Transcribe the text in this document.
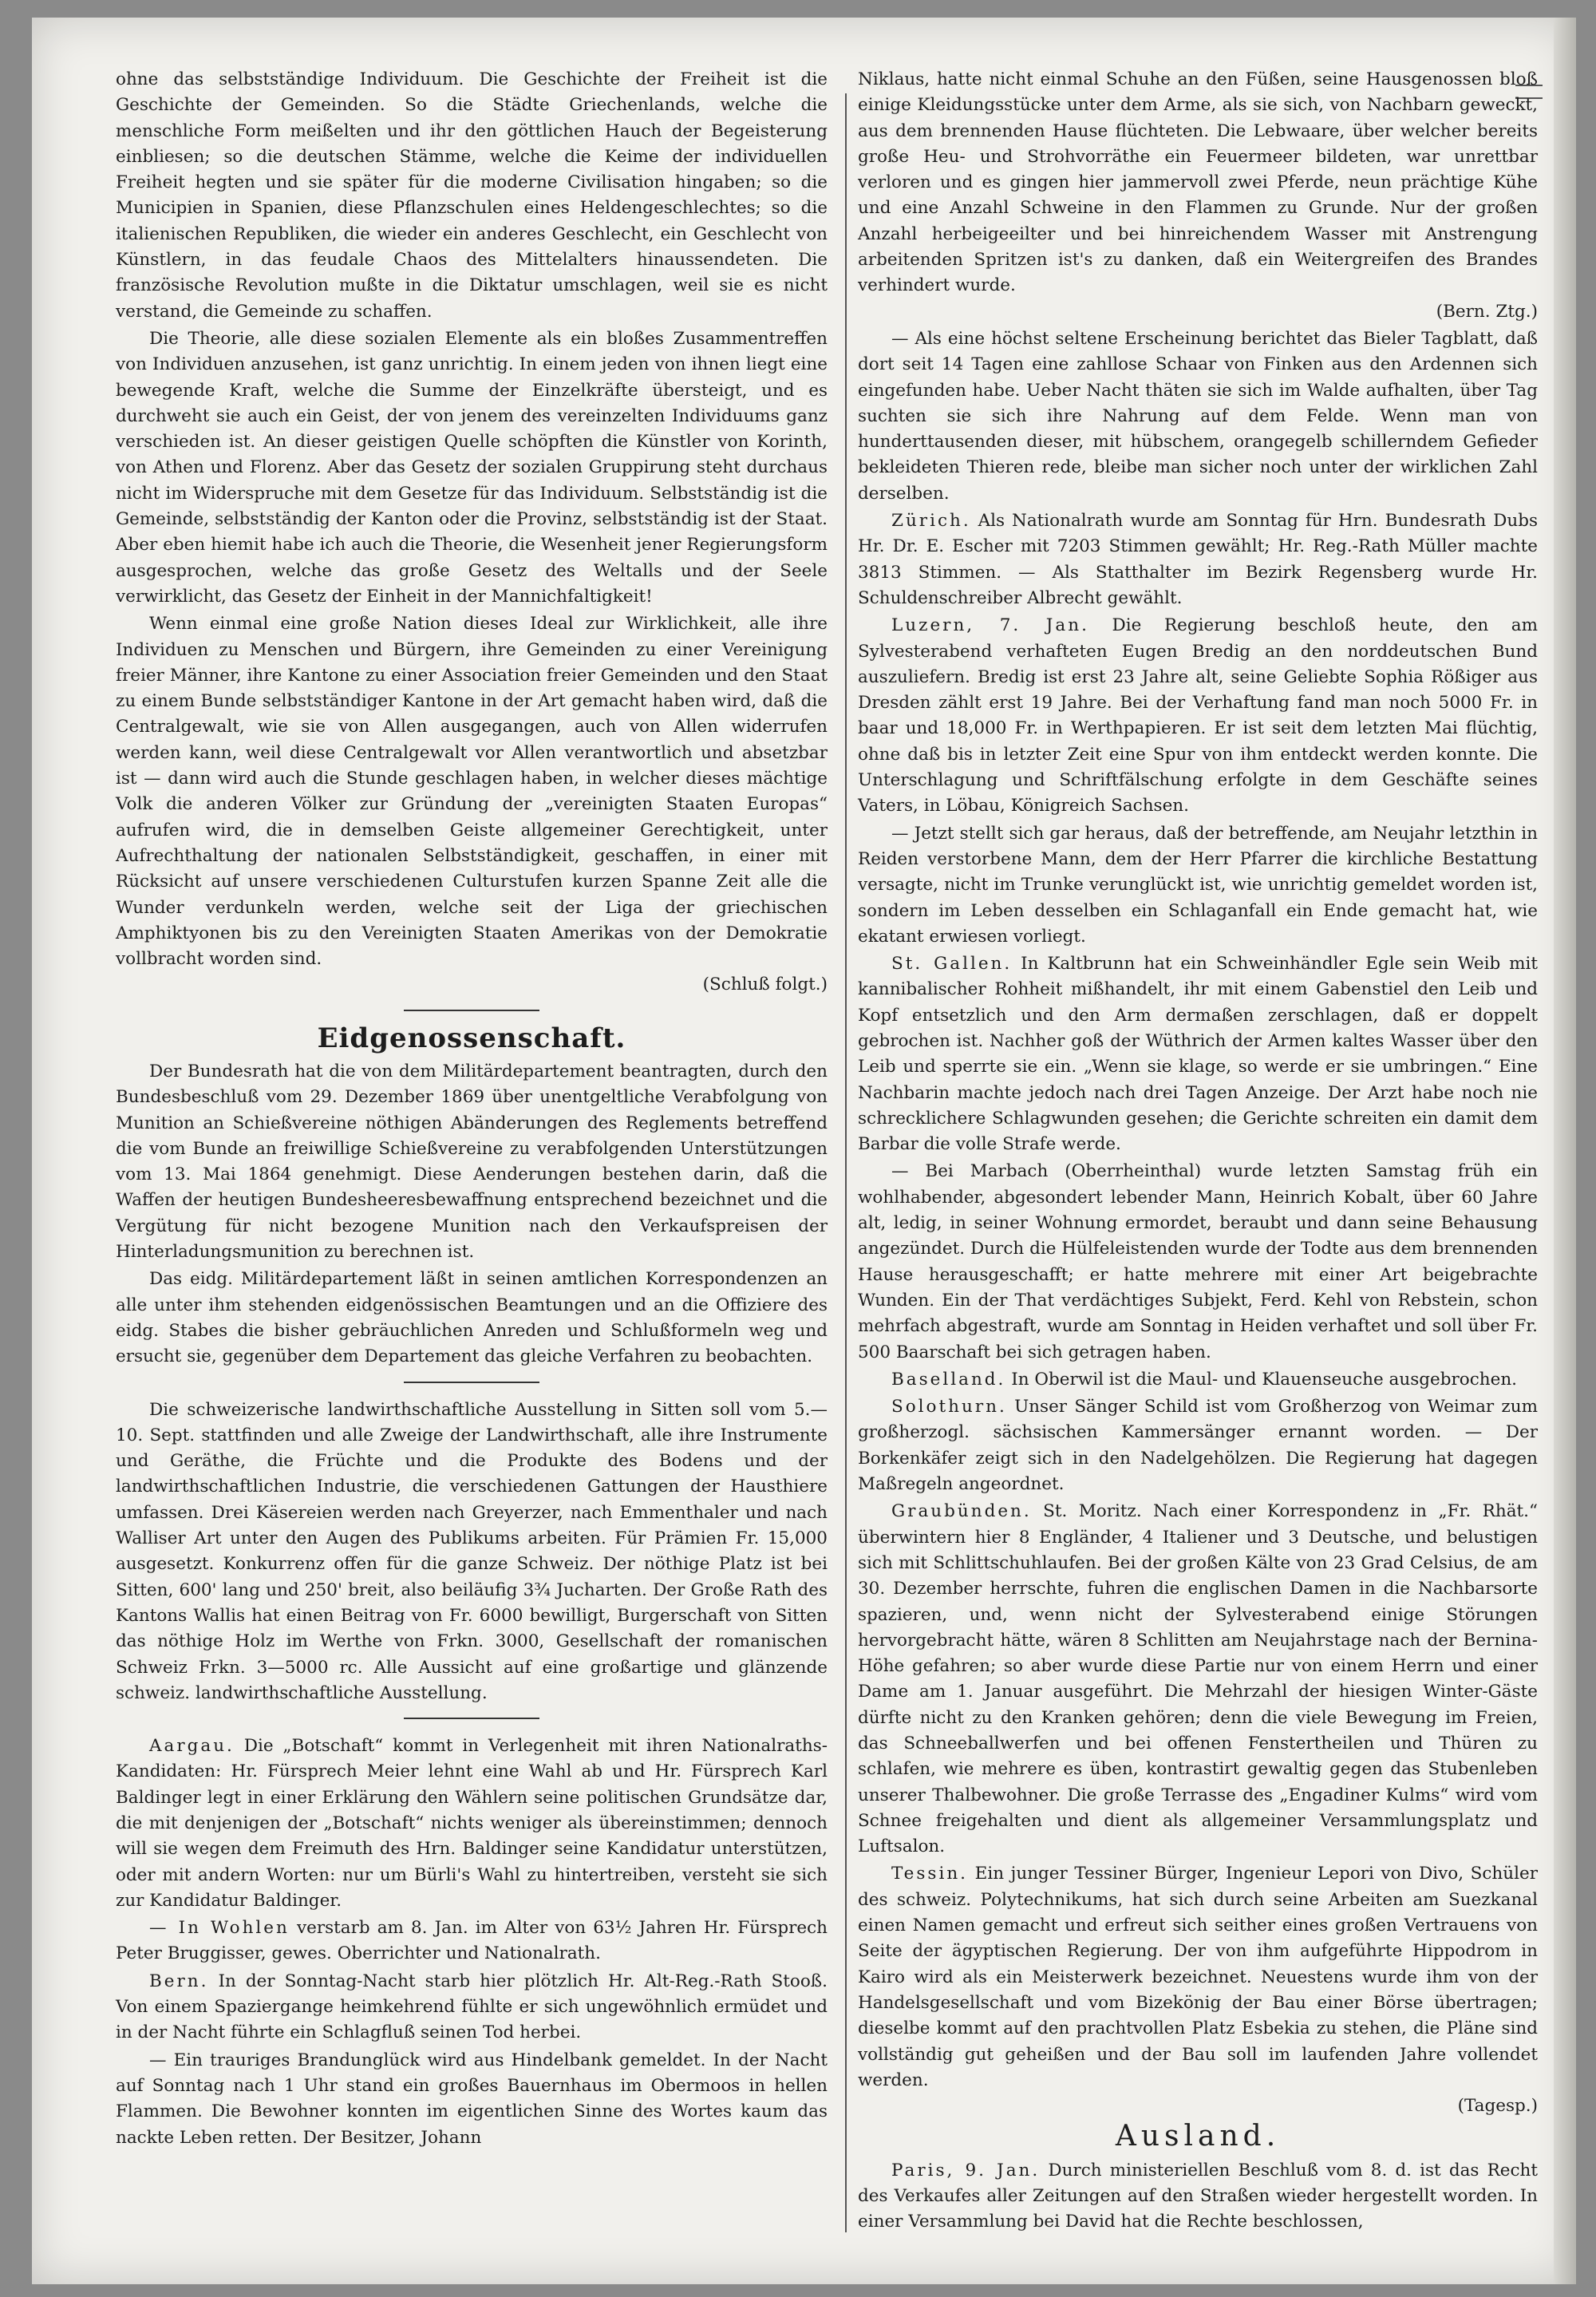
ohne das selbstständige Individuum. Die Geschichte der Freiheit ist die Geschichte der Gemeinden. So die Städte Griechenlands, welche die menschliche Form meißelten und ihr den göttlichen Hauch der Begeisterung einbliesen; so die deutschen Stämme, welche die Keime der individuellen Freiheit hegten und sie später für die moderne Civilisation hingaben; so die Municipien in Spanien, diese Pflanzschulen eines Heldengeschlechtes; so die italienischen Republiken, die wieder ein anderes Geschlecht, ein Geschlecht von Künstlern, in das feudale Chaos des Mittelalters hinaussendeten. Die französische Revolution mußte in die Diktatur umschlagen, weil sie es nicht verstand, die Gemeinde zu schaffen.

Die Theorie, alle diese sozialen Elemente als ein bloßes Zusammentreffen von Individuen anzusehen, ist ganz unrichtig. In einem jeden von ihnen liegt eine bewegende Kraft, welche die Summe der Einzelkräfte übersteigt, und es durchweht sie auch ein Geist, der von jenem des vereinzelten Individuums ganz verschieden ist. An dieser geistigen Quelle schöpften die Künstler von Korinth, von Athen und Florenz. Aber das Gesetz der sozialen Gruppirung steht durchaus nicht im Widerspruche mit dem Gesetze für das Individuum. Selbstständig ist die Gemeinde, selbstständig der Kanton oder die Provinz, selbstständig ist der Staat. Aber eben hiemit habe ich auch die Theorie, die Wesenheit jener Regierungsform ausgesprochen, welche das große Gesetz des Weltalls und der Seele verwirklicht, das Gesetz der Einheit in der Mannichfaltigkeit!

Wenn einmal eine große Nation dieses Ideal zur Wirklichkeit, alle ihre Individuen zu Menschen und Bürgern, ihre Gemeinden zu einer Vereinigung freier Männer, ihre Kantone zu einer Association freier Gemeinden und den Staat zu einem Bunde selbstständiger Kantone in der Art gemacht haben wird, daß die Centralgewalt, wie sie von Allen ausgegangen, auch von Allen widerrufen werden kann, weil diese Centralgewalt vor Allen verantwortlich und absetzbar ist — dann wird auch die Stunde geschlagen haben, in welcher dieses mächtige Volk die anderen Völker zur Gründung der „vereinigten Staaten Europas“ aufrufen wird, die in demselben Geiste allgemeiner Gerechtigkeit, unter Aufrechthaltung der nationalen Selbstständigkeit, geschaffen, in einer mit Rücksicht auf unsere verschiedenen Culturstufen kurzen Spanne Zeit alle die Wunder verdunkeln werden, welche seit der Liga der griechischen Amphiktyonen bis zu den Vereinigten Staaten Amerikas von der Demokratie vollbracht worden sind.
(Schluß folgt.)

Eidgenossenschaft.

Der Bundesrath hat die von dem Militärdepartement beantragten, durch den Bundesbeschluß vom 29. Dezember 1869 über unentgeltliche Verabfolgung von Munition an Schießvereine nöthigen Abänderungen des Reglements betreffend die vom Bunde an freiwillige Schießvereine zu verabfolgenden Unterstützungen vom 13. Mai 1864 genehmigt. Diese Aenderungen bestehen darin, daß die Waffen der heutigen Bundesheeresbewaffnung entsprechend bezeichnet und die Vergütung für nicht bezogene Munition nach den Verkaufspreisen der Hinterladungsmunition zu berechnen ist.

Das eidg. Militärdepartement läßt in seinen amtlichen Korrespondenzen an alle unter ihm stehenden eidgenössischen Beamtungen und an die Offiziere des eidg. Stabes die bisher gebräuchlichen Anreden und Schlußformeln weg und ersucht sie, gegenüber dem Departement das gleiche Verfahren zu beobachten.

Die schweizerische landwirthschaftliche Ausstellung in Sitten soll vom 5.—10. Sept. stattfinden und alle Zweige der Landwirthschaft, alle ihre Instrumente und Geräthe, die Früchte und die Produkte des Bodens und der landwirthschaftlichen Industrie, die verschiedenen Gattungen der Hausthiere umfassen. Drei Käsereien werden nach Greyerzer, nach Emmenthaler und nach Walliser Art unter den Augen des Publikums arbeiten. Für Prämien Fr. 15,000 ausgesetzt. Konkurrenz offen für die ganze Schweiz. Der nöthige Platz ist bei Sitten, 600' lang und 250' breit, also beiläufig 3¾ Jucharten. Der Große Rath des Kantons Wallis hat einen Beitrag von Fr. 6000 bewilligt, Burgerschaft von Sitten das nöthige Holz im Werthe von Frkn. 3000, Gesellschaft der romanischen Schweiz Frkn. 3—5000 rc. Alle Aussicht auf eine großartige und glänzende schweiz. landwirthschaftliche Ausstellung.

Aargau. Die „Botschaft“ kommt in Verlegenheit mit ihren Nationalraths-Kandidaten: Hr. Fürsprech Meier lehnt eine Wahl ab und Hr. Fürsprech Karl Baldinger legt in einer Erklärung den Wählern seine politischen Grundsätze dar, die mit denjenigen der „Botschaft“ nichts weniger als übereinstimmen; dennoch will sie wegen dem Freimuth des Hrn. Baldinger seine Kandidatur unterstützen, oder mit andern Worten: nur um Bürli's Wahl zu hintertreiben, versteht sie sich zur Kandidatur Baldinger.

— In Wohlen verstarb am 8. Jan. im Alter von 63½ Jahren Hr. Fürsprech Peter Bruggisser, gewes. Oberrichter und Nationalrath.

Bern. In der Sonntag-Nacht starb hier plötzlich Hr. Alt-Reg.-Rath Stooß. Von einem Spaziergange heimkehrend fühlte er sich ungewöhnlich ermüdet und in der Nacht führte ein Schlagfluß seinen Tod herbei.

— Ein trauriges Brandunglück wird aus Hindelbank gemeldet. In der Nacht auf Sonntag nach 1 Uhr stand ein großes Bauernhaus im Obermoos in hellen Flammen. Die Bewohner konnten im eigentlichen Sinne des Wortes kaum das nackte Leben retten. Der Besitzer, Johann

Niklaus, hatte nicht einmal Schuhe an den Füßen, seine Hausgenossen bloß einige Kleidungsstücke unter dem Arme, als sie sich, von Nachbarn geweckt, aus dem brennenden Hause flüchteten. Die Lebwaare, über welcher bereits große Heu- und Strohvorräthe ein Feuermeer bildeten, war unrettbar verloren und es gingen hier jammervoll zwei Pferde, neun prächtige Kühe und eine Anzahl Schweine in den Flammen zu Grunde. Nur der großen Anzahl herbeigeeilter und bei hinreichendem Wasser mit Anstrengung arbeitenden Spritzen ist's zu danken, daß ein Weitergreifen des Brandes verhindert wurde.
(Bern. Ztg.)

— Als eine höchst seltene Erscheinung berichtet das Bieler Tagblatt, daß dort seit 14 Tagen eine zahllose Schaar von Finken aus den Ardennen sich eingefunden habe. Ueber Nacht thäten sie sich im Walde aufhalten, über Tag suchten sie sich ihre Nahrung auf dem Felde. Wenn man von hunderttausenden dieser, mit hübschem, orangegelb schillerndem Gefieder bekleideten Thieren rede, bleibe man sicher noch unter der wirklichen Zahl derselben.

Zürich. Als Nationalrath wurde am Sonntag für Hrn. Bundesrath Dubs Hr. Dr. E. Escher mit 7203 Stimmen gewählt; Hr. Reg.-Rath Müller machte 3813 Stimmen. — Als Statthalter im Bezirk Regensberg wurde Hr. Schuldenschreiber Albrecht gewählt.

Luzern, 7. Jan. Die Regierung beschloß heute, den am Sylvesterabend verhafteten Eugen Bredig an den norddeutschen Bund auszuliefern. Bredig ist erst 23 Jahre alt, seine Geliebte Sophia Rößiger aus Dresden zählt erst 19 Jahre. Bei der Verhaftung fand man noch 5000 Fr. in baar und 18,000 Fr. in Werthpapieren. Er ist seit dem letzten Mai flüchtig, ohne daß bis in letzter Zeit eine Spur von ihm entdeckt werden konnte. Die Unterschlagung und Schriftfälschung erfolgte in dem Geschäfte seines Vaters, in Löbau, Königreich Sachsen.

— Jetzt stellt sich gar heraus, daß der betreffende, am Neujahr letzthin in Reiden verstorbene Mann, dem der Herr Pfarrer die kirchliche Bestattung versagte, nicht im Trunke verunglückt ist, wie unrichtig gemeldet worden ist, sondern im Leben desselben ein Schlaganfall ein Ende gemacht hat, wie ekatant erwiesen vorliegt.

St. Gallen. In Kaltbrunn hat ein Schweinhändler Egle sein Weib mit kannibalischer Rohheit mißhandelt, ihr mit einem Gabenstiel den Leib und Kopf entsetzlich und den Arm dermaßen zerschlagen, daß er doppelt gebrochen ist. Nachher goß der Wüthrich der Armen kaltes Wasser über den Leib und sperrte sie ein. „Wenn sie klage, so werde er sie umbringen.“ Eine Nachbarin machte jedoch nach drei Tagen Anzeige. Der Arzt habe noch nie schrecklichere Schlagwunden gesehen; die Gerichte schreiten ein damit dem Barbar die volle Strafe werde.

— Bei Marbach (Oberrheinthal) wurde letzten Samstag früh ein wohlhabender, abgesondert lebender Mann, Heinrich Kobalt, über 60 Jahre alt, ledig, in seiner Wohnung ermordet, beraubt und dann seine Behausung angezündet. Durch die Hülfeleistenden wurde der Todte aus dem brennenden Hause herausgeschafft; er hatte mehrere mit einer Art beigebrachte Wunden. Ein der That verdächtiges Subjekt, Ferd. Kehl von Rebstein, schon mehrfach abgestraft, wurde am Sonntag in Heiden verhaftet und soll über Fr. 500 Baarschaft bei sich getragen haben.

Baselland. In Oberwil ist die Maul- und Klauenseuche ausgebrochen.

Solothurn. Unser Sänger Schild ist vom Großherzog von Weimar zum großherzogl. sächsischen Kammersänger ernannt worden. — Der Borkenkäfer zeigt sich in den Nadelgehölzen. Die Regierung hat dagegen Maßregeln angeordnet.

Graubünden. St. Moritz. Nach einer Korrespondenz in „Fr. Rhät.“ überwintern hier 8 Engländer, 4 Italiener und 3 Deutsche, und belustigen sich mit Schlittschuhlaufen. Bei der großen Kälte von 23 Grad Celsius, de am 30. Dezember herrschte, fuhren die englischen Damen in die Nachbarsorte spazieren, und, wenn nicht der Sylvesterabend einige Störungen hervorgebracht hätte, wären 8 Schlitten am Neujahrstage nach der Bernina-Höhe gefahren; so aber wurde diese Partie nur von einem Herrn und einer Dame am 1. Januar ausgeführt. Die Mehrzahl der hiesigen Winter-Gäste dürfte nicht zu den Kranken gehören; denn die viele Bewegung im Freien, das Schneeballwerfen und bei offenen Fenstertheilen und Thüren zu schlafen, wie mehrere es üben, kontrastirt gewaltig gegen das Stubenleben unserer Thalbewohner. Die große Terrasse des „Engadiner Kulms“ wird vom Schnee freigehalten und dient als allgemeiner Versammlungsplatz und Luftsalon.

Tessin. Ein junger Tessiner Bürger, Ingenieur Lepori von Divo, Schüler des schweiz. Polytechnikums, hat sich durch seine Arbeiten am Suezkanal einen Namen gemacht und erfreut sich seither eines großen Vertrauens von Seite der ägyptischen Regierung. Der von ihm aufgeführte Hippodrom in Kairo wird als ein Meisterwerk bezeichnet. Neuestens wurde ihm von der Handelsgesellschaft und vom Bizekönig der Bau einer Börse übertragen; dieselbe kommt auf den prachtvollen Platz Esbekia zu stehen, die Pläne sind vollständig gut geheißen und der Bau soll im laufenden Jahre vollendet werden.
(Tagesp.)

Ausland.

Paris, 9. Jan. Durch ministeriellen Beschluß vom 8. d. ist das Recht des Verkaufes aller Zeitungen auf den Straßen wieder hergestellt worden. In einer Versammlung bei David hat die Rechte beschlossen,
